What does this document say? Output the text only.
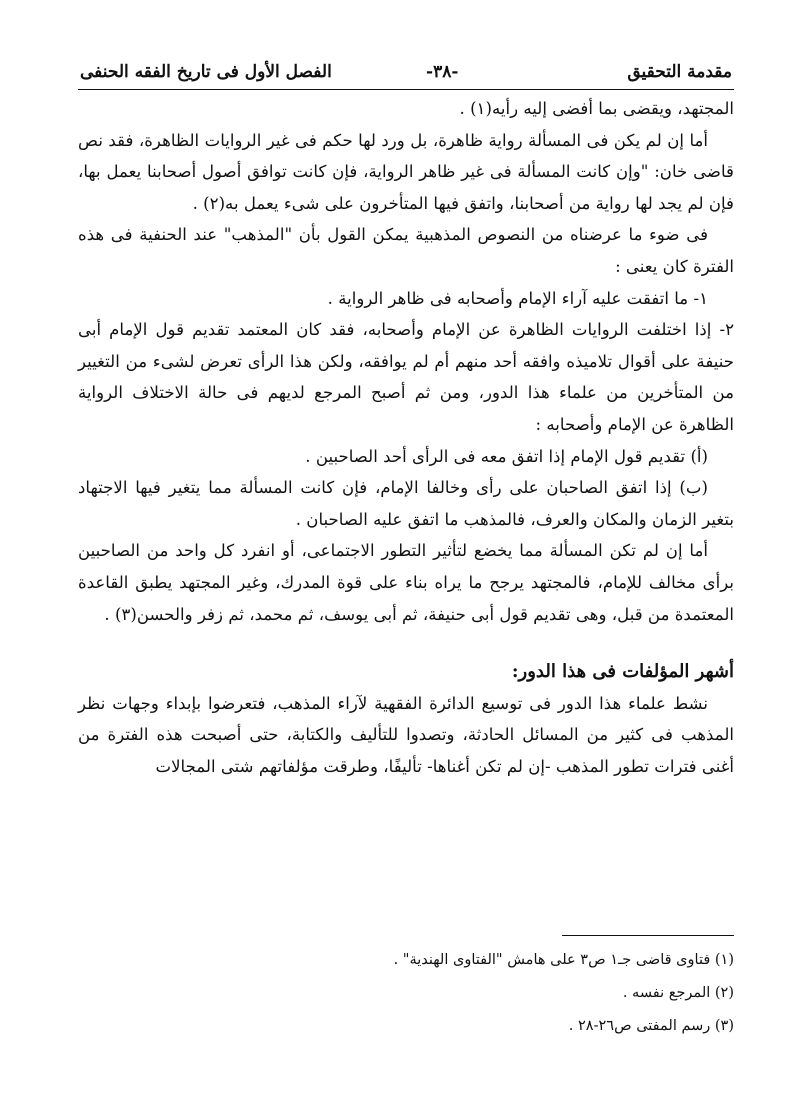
مقدمة التحقيق
-٣٨-
الفصل الأول فى تاريخ الفقه الحنفى

المجتهد، ويقضى بما أفضى إليه رأيه(١) .

أما إن لم يكن فى المسألة رواية ظاهرة، بل ورد لها حكم فى غير الروايات الظاهرة، فقد نص قاضى خان: "وإن كانت المسألة فى غير ظاهر الرواية، فإن كانت توافق أصول أصحابنا يعمل بها، فإن لم يجد لها رواية من أصحابنا، واتفق فيها المتأخرون على شىء يعمل به(٢) .

فى ضوء ما عرضناه من النصوص المذهبية يمكن القول بأن "المذهب" عند الحنفية فى هذه الفترة كان يعنى :

١- ما اتفقت عليه آراء الإمام وأصحابه فى ظاهر الرواية .

٢- إذا اختلفت الروايات الظاهرة عن الإمام وأصحابه، فقد كان المعتمد تقديم قول الإمام أبى حنيفة على أقوال تلاميذه وافقه أحد منهم أم لم يوافقه، ولكن هذا الرأى تعرض لشىء من التغيير من المتأخرين من علماء هذا الدور، ومن ثم أصبح المرجع لديهم فى حالة الاختلاف الرواية الظاهرة عن الإمام وأصحابه :

(أ) تقديم قول الإمام إذا اتفق معه فى الرأى أحد الصاحبين .

(ب) إذا اتفق الصاحبان على رأى وخالفا الإمام، فإن كانت المسألة مما يتغير فيها الاجتهاد بتغير الزمان والمكان والعرف، فالمذهب ما اتفق عليه الصاحبان .

أما إن لم تكن المسألة مما يخضع لتأثير التطور الاجتماعى، أو انفرد كل واحد من الصاحبين برأى مخالف للإمام، فالمجتهد يرجح ما يراه بناء على قوة المدرك، وغير المجتهد يطبق القاعدة المعتمدة من قبل، وهى تقديم قول أبى حنيفة، ثم أبى يوسف، ثم محمد، ثم زفر والحسن(٣) .

أشهر المؤلفات فى هذا الدور:

نشط علماء هذا الدور فى توسيع الدائرة الفقهية لآراء المذهب، فتعرضوا بإبداء وجهات نظر المذهب فى كثير من المسائل الحادثة، وتصدوا للتأليف والكتابة، حتى أصبحت هذه الفترة من أغنى فترات تطور المذهب -إن لم تكن أغناها- تأليفًا، وطرقت مؤلفاتهم شتى المجالات

(١) فتاوى قاضى جـ١ ص٣ على هامش "الفتاوى الهندية" .

(٢) المرجع نفسه .

(٣) رسم المفتى ص٢٦-٢٨ .
